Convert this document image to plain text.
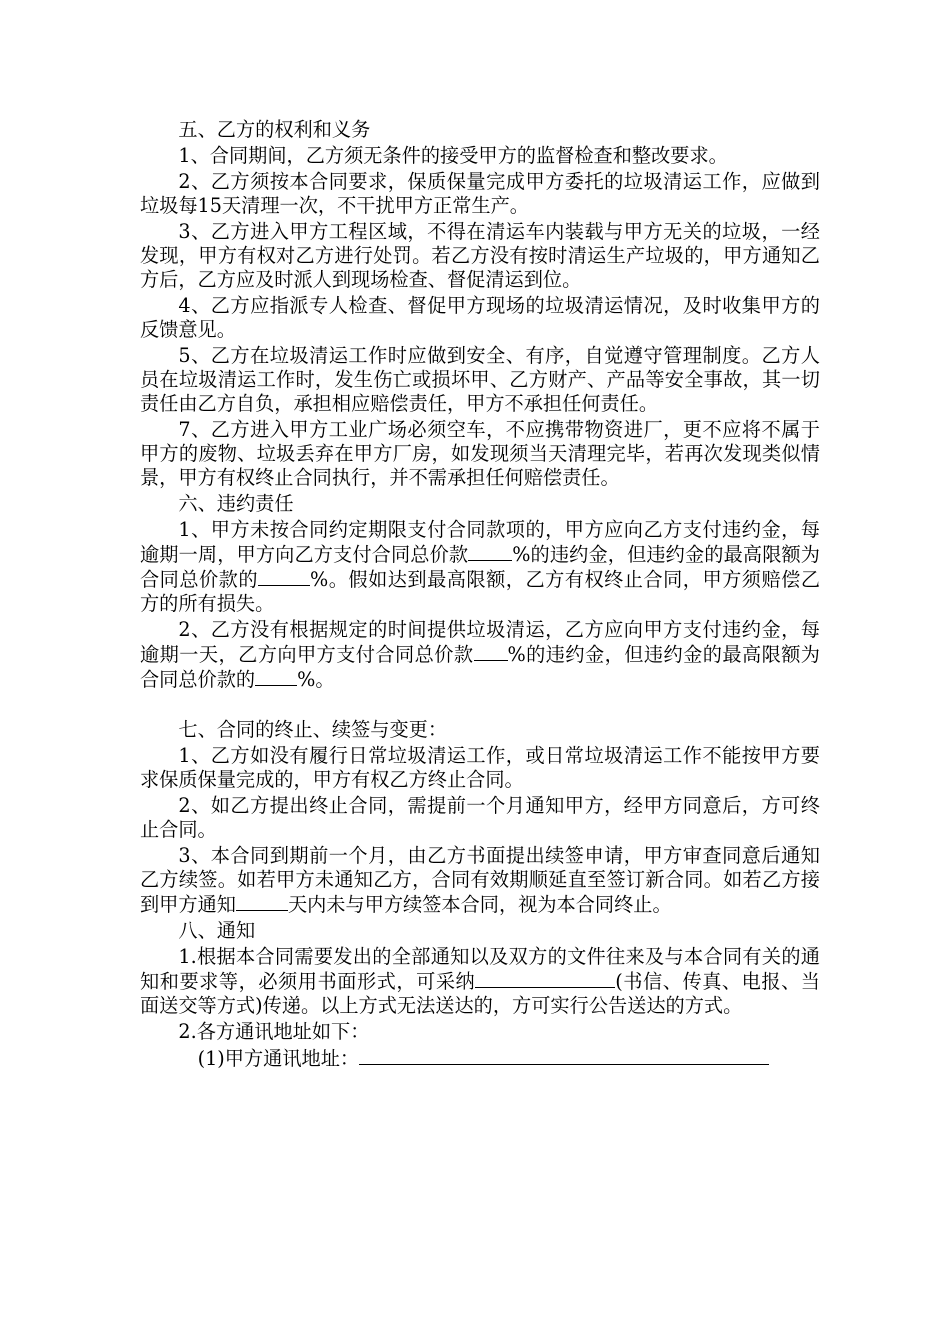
五、乙方的权利和义务

1、合同期间，乙方须无条件的接受甲方的监督检查和整改要求。

2、乙方须按本合同要求，保质保量完成甲方委托的垃圾清运工作，应做到垃圾每15天清理一次，不干扰甲方正常生产。

3、乙方进入甲方工程区域，不得在清运车内装载与甲方无关的垃圾，一经发现，甲方有权对乙方进行处罚。若乙方没有按时清运生产垃圾的，甲方通知乙方后，乙方应及时派人到现场检查、督促清运到位。

4、乙方应指派专人检查、督促甲方现场的垃圾清运情况，及时收集甲方的反馈意见。

5、乙方在垃圾清运工作时应做到安全、有序，自觉遵守管理制度。乙方人员在垃圾清运工作时，发生伤亡或损坏甲、乙方财产、产品等安全事故，其一切责任由乙方自负，承担相应赔偿责任，甲方不承担任何责任。

7、乙方进入甲方工业广场必须空车，不应携带物资进厂，更不应将不属于甲方的废物、垃圾丢弃在甲方厂房，如发现须当天清理完毕，若再次发现类似情景，甲方有权终止合同执行，并不需承担任何赔偿责任。

六、违约责任

1、甲方未按合同约定期限支付合同款项的，甲方应向乙方支付违约金，每逾期一周，甲方向乙方支付合同总价款 %的违约金，但违约金的最高限额为合同总价款的	%。假如达到最高限额，乙方有权终止合同，甲方须赔偿乙方的所有损失。

2、乙方没有根据规定的时间提供垃圾清运，乙方应向甲方支付违约金，每逾期一天，乙方向甲方支付合同总价款 %的违约金，但违约金的最高限额为合同总价款的 %。

七、合同的终止、续签与变更：

1、乙方如没有履行日常垃圾清运工作，或日常垃圾清运工作不能按甲方要求保质保量完成的，甲方有权乙方终止合同。

2、如乙方提出终止合同，需提前一个月通知甲方，经甲方同意后，方可终止合同。

3、本合同到期前一个月，由乙方书面提出续签申请，甲方审查同意后通知乙方续签。如若甲方未通知乙方，合同有效期顺延直至签订新合同。如若乙方接到甲方通知	天内未与甲方续签本合同，视为本合同终止。

八、通知

1.根据本合同需要发出的全部通知以及双方的文件往来及与本合同有关的通知和要求等，必须用书面形式，可采纳	(书信、传真、电报、当面送交等方式)传递。以上方式无法送达的，方可实行公告送达的方式。

2.各方通讯地址如下：

(1)甲方通讯地址：
